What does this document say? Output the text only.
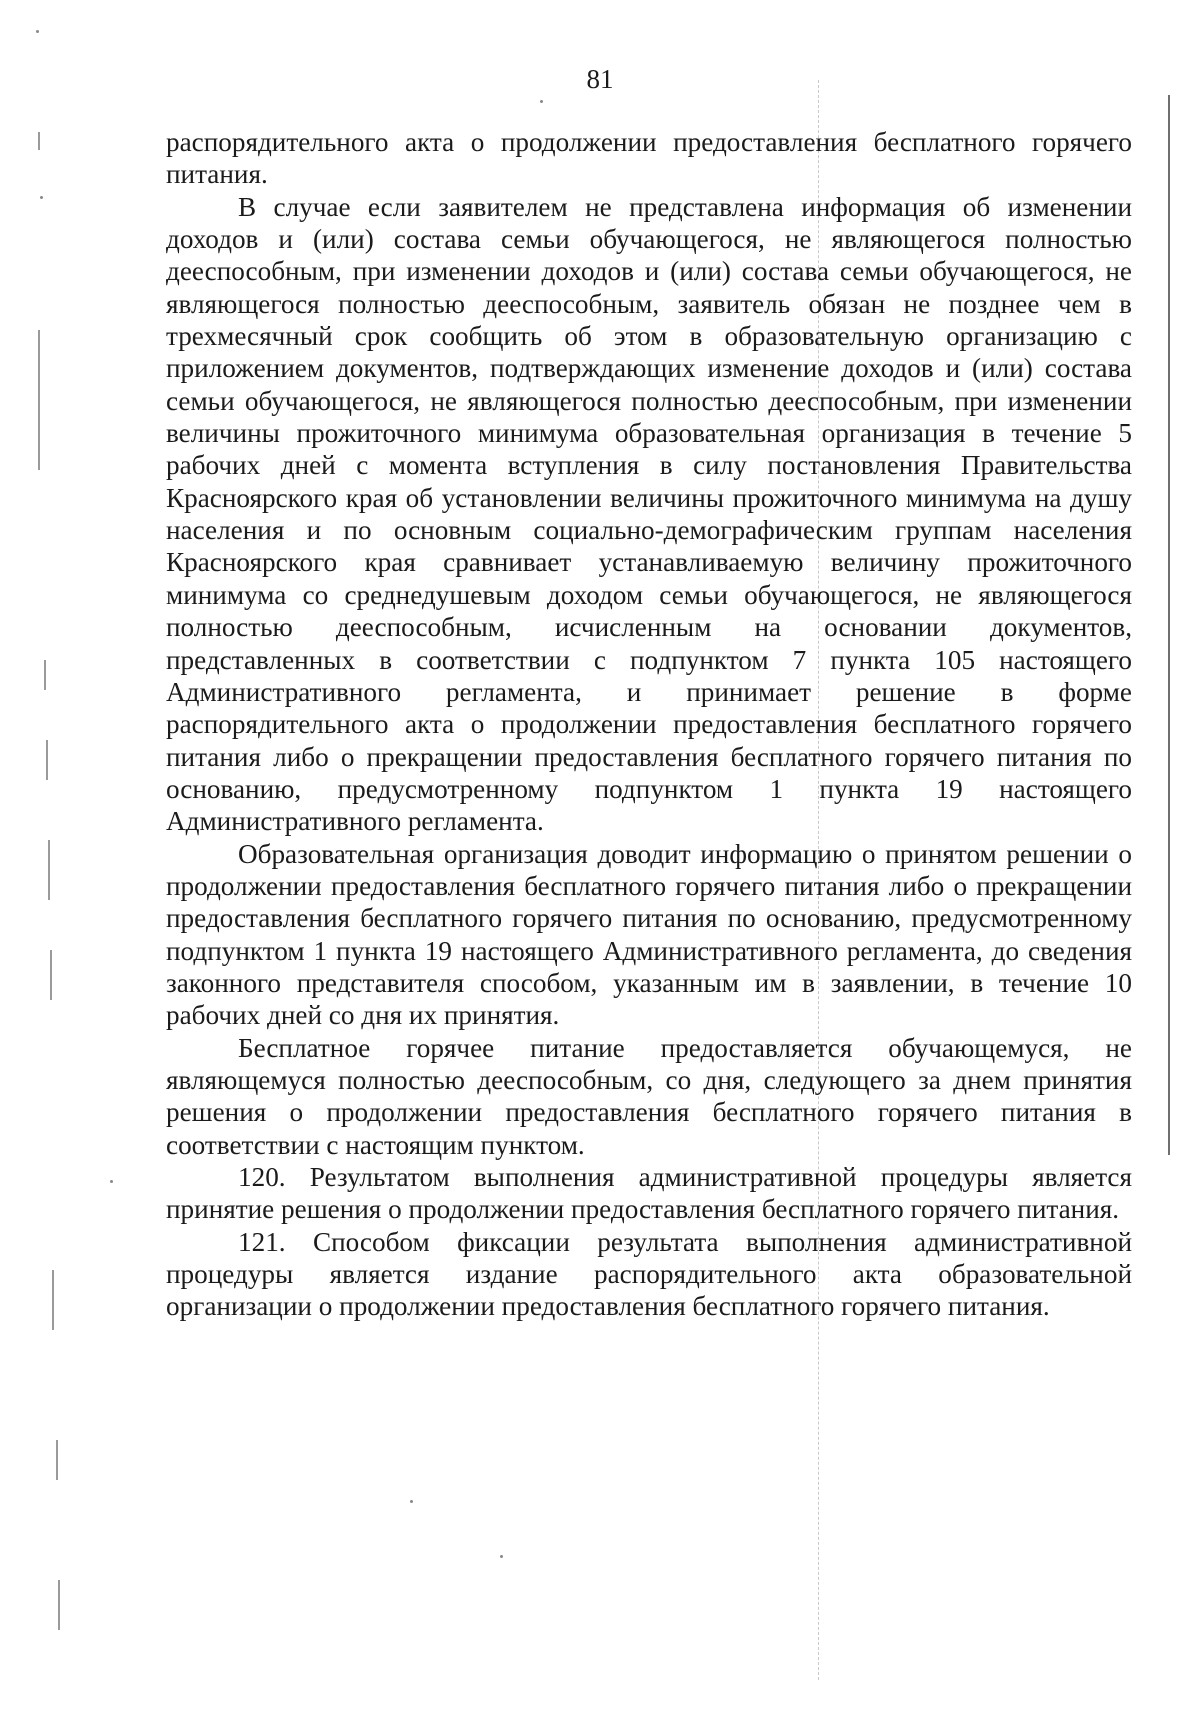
81

распорядительного акта о продолжении предоставления бесплатного горячего питания.

В случае если заявителем не представлена информация об изменении доходов и (или) состава семьи обучающегося, не являющегося полностью дееспособным, при изменении доходов и (или) состава семьи обучающегося, не являющегося полностью дееспособным, заявитель обязан не позднее чем в трехмесячный срок сообщить об этом в образовательную организацию с приложением документов, подтверждающих изменение доходов и (или) состава семьи обучающегося, не являющегося полностью дееспособным, при изменении величины прожиточного минимума образовательная организация в течение 5 рабочих дней с момента вступления в силу постановления Правительства Красноярского края об установлении величины прожиточного минимума на душу населения и по основным социально-демографическим группам населения Красноярского края сравнивает устанавливаемую величину прожиточного минимума со среднедушевым доходом семьи обучающегося, не являющегося полностью дееспособным, исчисленным на основании документов, представленных в соответствии с подпунктом 7 пункта 105 настоящего Административного регламента, и принимает решение в форме распорядительного акта о продолжении предоставления бесплатного горячего питания либо о прекращении предоставления бесплатного горячего питания по основанию, предусмотренному подпунктом 1 пункта 19 настоящего Административного регламента.

Образовательная организация доводит информацию о принятом решении о продолжении предоставления бесплатного горячего питания либо о прекращении предоставления бесплатного горячего питания по основанию, предусмотренному подпунктом 1 пункта 19 настоящего Административного регламента, до сведения законного представителя способом, указанным им в заявлении, в течение 10 рабочих дней со дня их принятия.

Бесплатное горячее питание предоставляется обучающемуся, не являющемуся полностью дееспособным, со дня, следующего за днем принятия решения о продолжении предоставления бесплатного горячего питания в соответствии с настоящим пунктом.

120. Результатом выполнения административной процедуры является принятие решения о продолжении предоставления бесплатного горячего питания.

121. Способом фиксации результата выполнения административной процедуры является издание распорядительного акта образовательной организации о продолжении предоставления бесплатного горячего питания.
